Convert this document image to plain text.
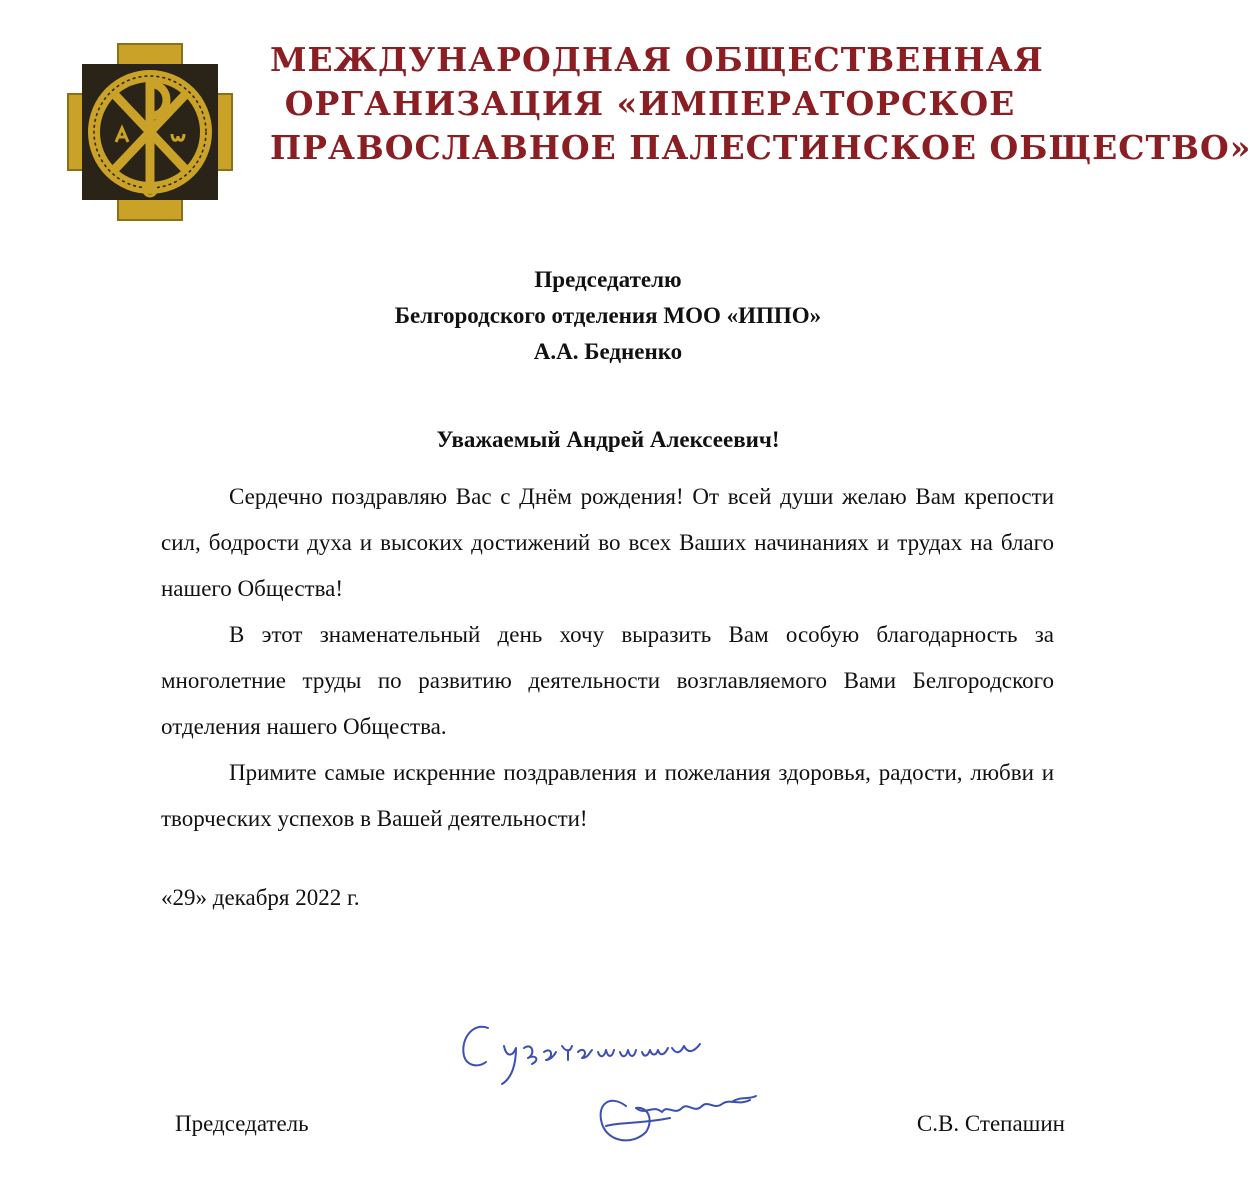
МЕЖДУНАРОДНАЯ ОБЩЕСТВЕННАЯ
ОРГАНИЗАЦИЯ «ИМПЕРАТОРСКОЕ
ПРАВОСЛАВНОЕ ПАЛЕСТИНСКОЕ ОБЩЕСТВО»
Председателю
Белгородского отделения МОО «ИППО»
А.А. Бедненко
Уважаемый Андрей Алексеевич!

Сердечно поздравляю Вас с Днём рождения! От всей души желаю Вам крепости сил, бодрости духа и высоких достижений во всех Ваших начинаниях и трудах на благо нашего Общества!

В этот знаменательный день хочу выразить Вам особую благодарность за многолетние труды по развитию деятельности возглавляемого Вами Белгородского отделения нашего Общества.

Примите самые искренние поздравления и пожелания здоровья, радости, любви и творческих успехов в Вашей деятельности!

«29» декабря 2022 г.
Председатель	С.В. Степашин
